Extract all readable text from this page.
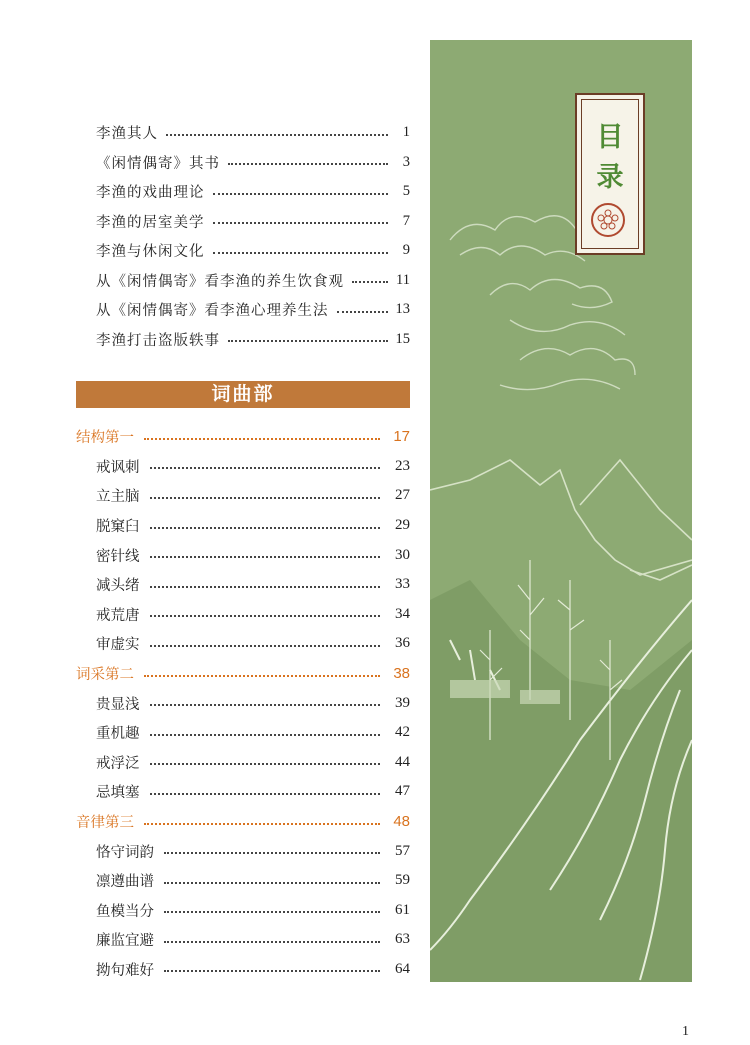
李渔其人	1
《闲情偶寄》其书	3
李渔的戏曲理论	5
李渔的居室美学	7
李渔与休闲文化	9
从《闲情偶寄》看李渔的养生饮食观	11
从《闲情偶寄》看李渔心理养生法	13
李渔打击盗版轶事	15
词曲部
结构第一	17
戒讽刺	23
立主脑	27
脱窠臼	29
密针线	30
减头绪	33
戒荒唐	34
审虚实	36
词采第二	38
贵显浅	39
重机趣	42
戒浮泛	44
忌填塞	47
音律第三	48
恪守词韵	57
凛遵曲谱	59
鱼模当分	61
廉监宜避	63
拗句难好	64
目
录
1
